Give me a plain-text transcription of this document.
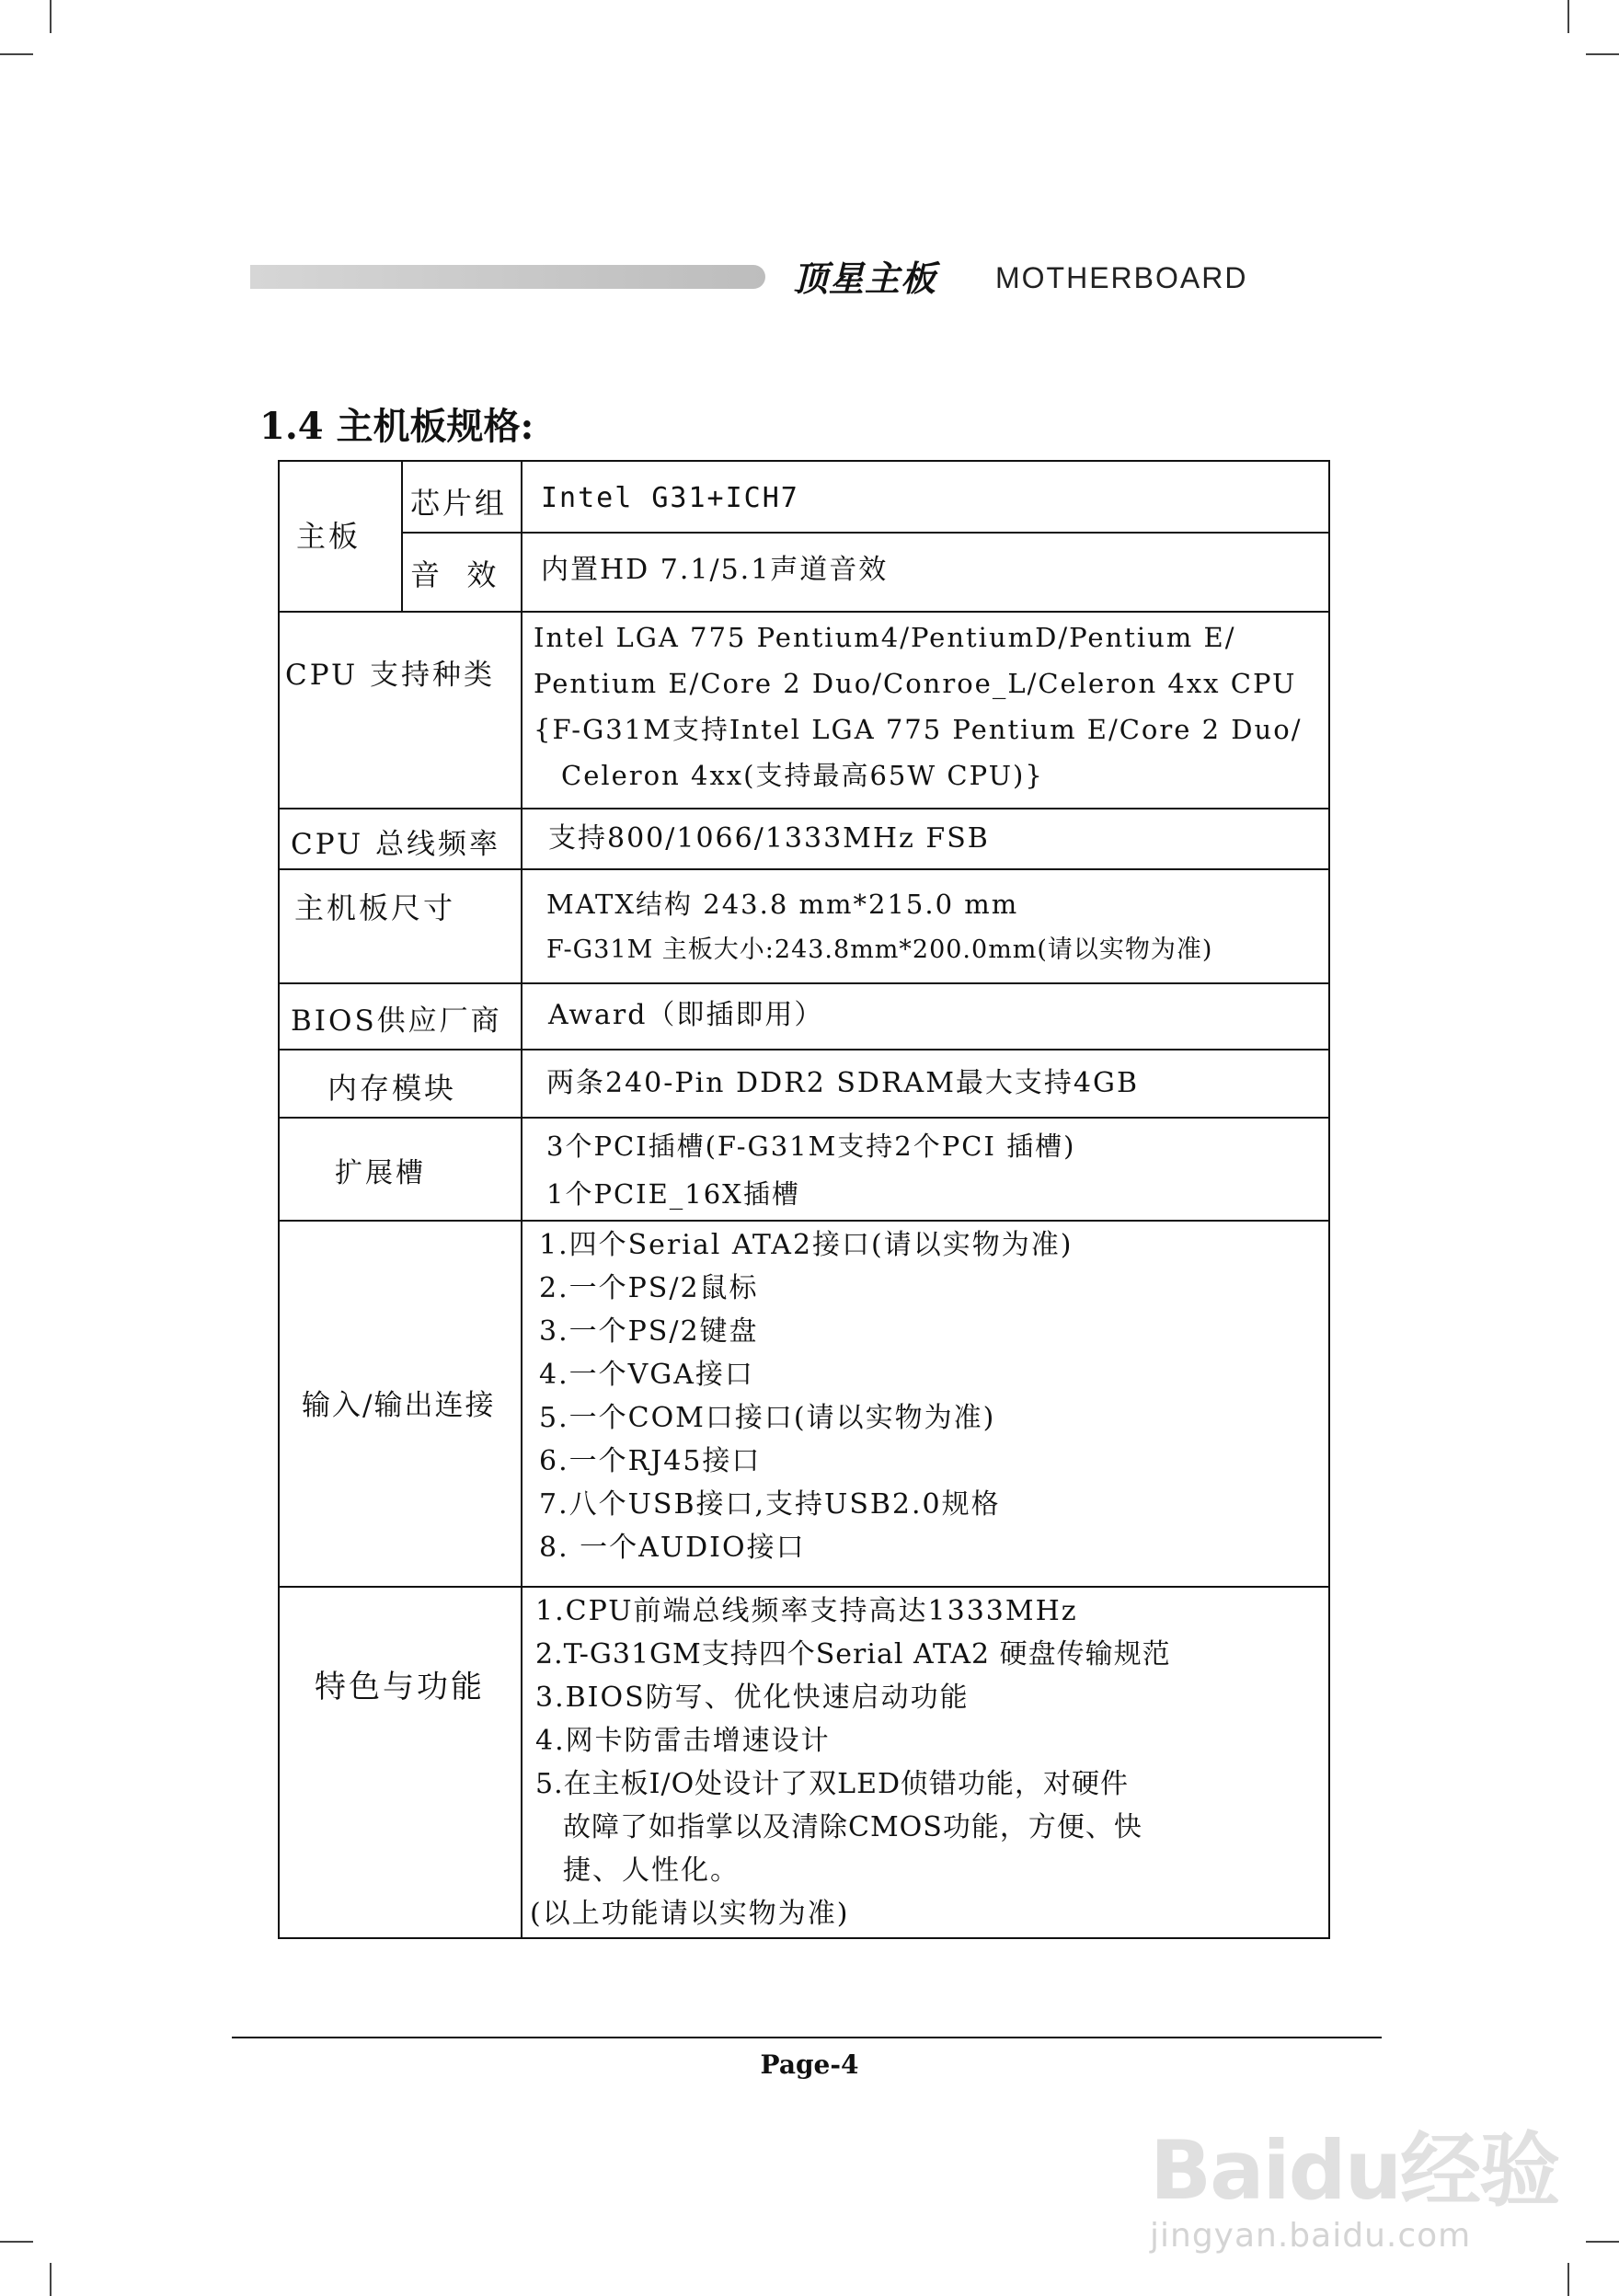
顶星主板 MOTHERBOARD
1.4 主机板规格:
主板
芯片组 Intel G31+ICH7
音  效 内置HD 7.1/5.1声道音效
CPU 支持种类
Intel LGA 775 Pentium4/PentiumD/Pentium E/
Pentium E/Core 2 Duo/Conroe_L/Celeron 4xx CPU
{F-G31M支持Intel LGA 775 Pentium E/Core 2 Duo/
Celeron 4xx(支持最高65W CPU)}
CPU 总线频率 支持800/1066/1333MHz FSB
主机板尺寸	MATX结构 243.8 mm*215.0 mm
F-G31M 主板大小:243.8mm*200.0mm(请以实物为准)
BIOS供应厂商 Award（即插即用）
内存模块	两条240-Pin DDR2 SDRAM最大支持4GB
扩展槽
3个PCI插槽(F-G31M支持2个PCI 插槽)
1个PCIE_16X插槽
输入/输出连接
1.四个Serial ATA2接口(请以实物为准)
2.一个PS/2鼠标
3.一个PS/2键盘
4.一个VGA接口
5.一个COM口接口(请以实物为准)
6.一个RJ45接口
7.八个USB接口,支持USB2.0规格
8. 一个AUDIO接口
特色与功能
1.CPU前端总线频率支持高达1333MHz
2.T-G31GM支持四个Serial ATA2 硬盘传输规范
3.BIOS防写、优化快速启动功能
4.网卡防雷击增速设计
5.在主板I/O处设计了双LED侦错功能，对硬件
故障了如指掌以及清除CMOS功能，方便、快
捷、人性化。
(以上功能请以实物为准)
Page-4
Baidu经验
jingyan.baidu.com
